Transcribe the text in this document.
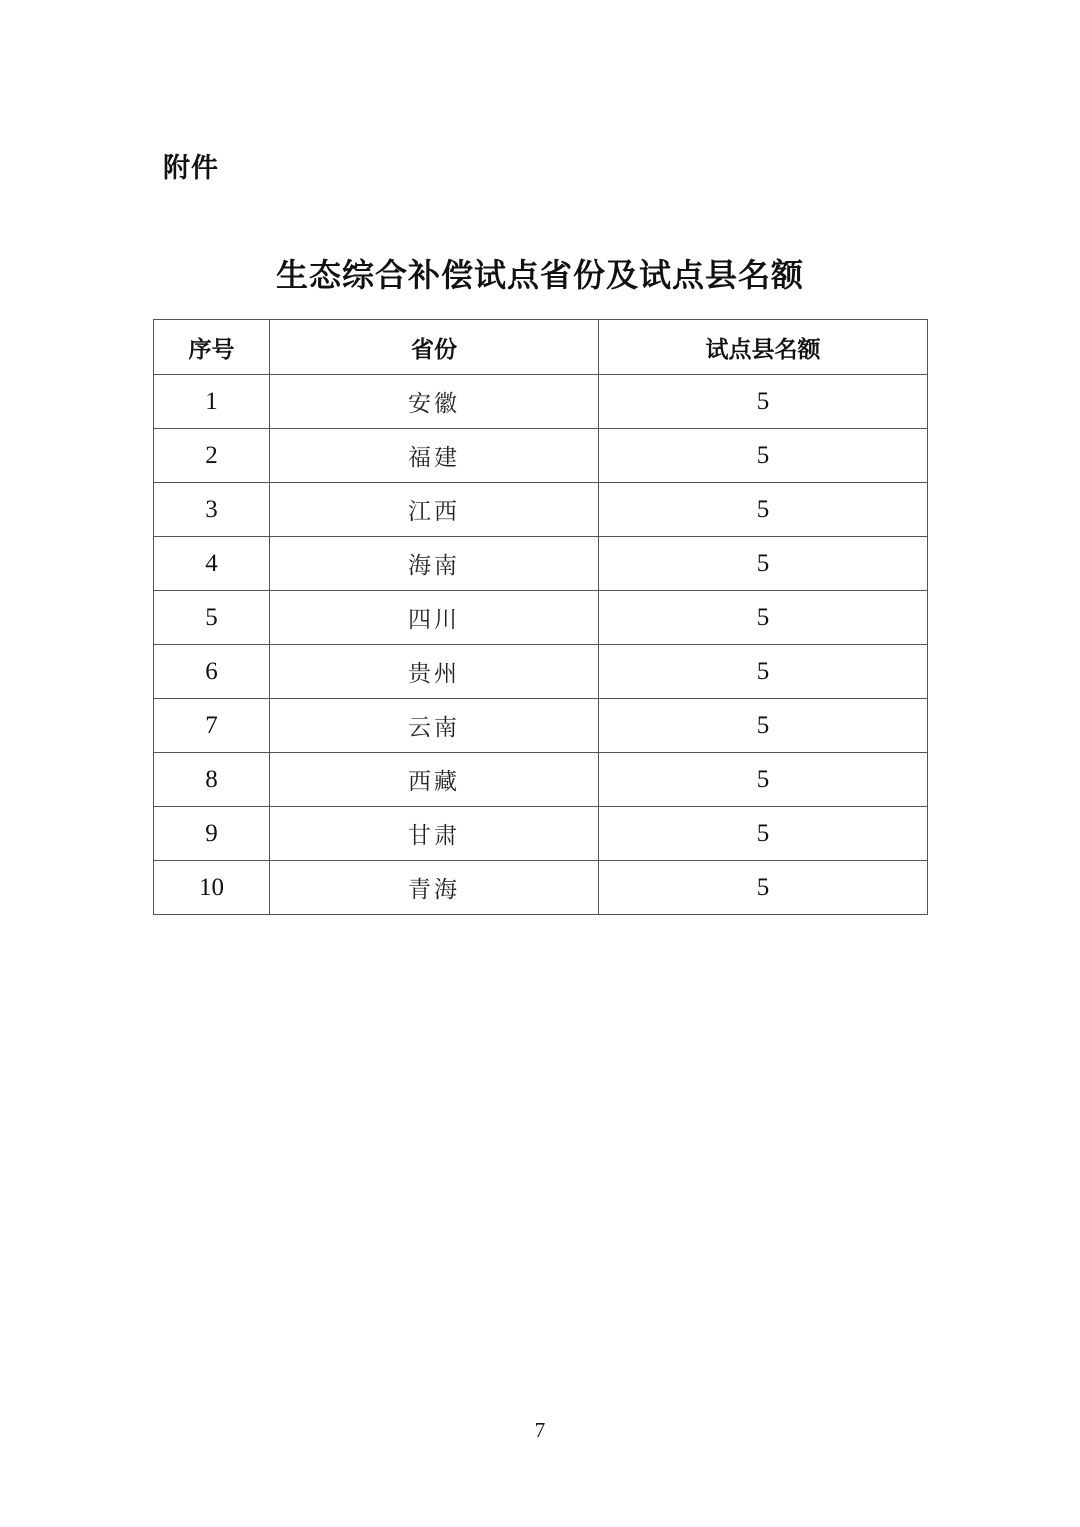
附件
生态综合补偿试点省份及试点县名额
序号	省份	试点县名额
1	安徽	5
2	福建	5
3	江西	5
4	海南	5
5	四川	5
6	贵州	5
7	云南	5
8	西藏	5
9	甘肃	5
10	青海	5
7
